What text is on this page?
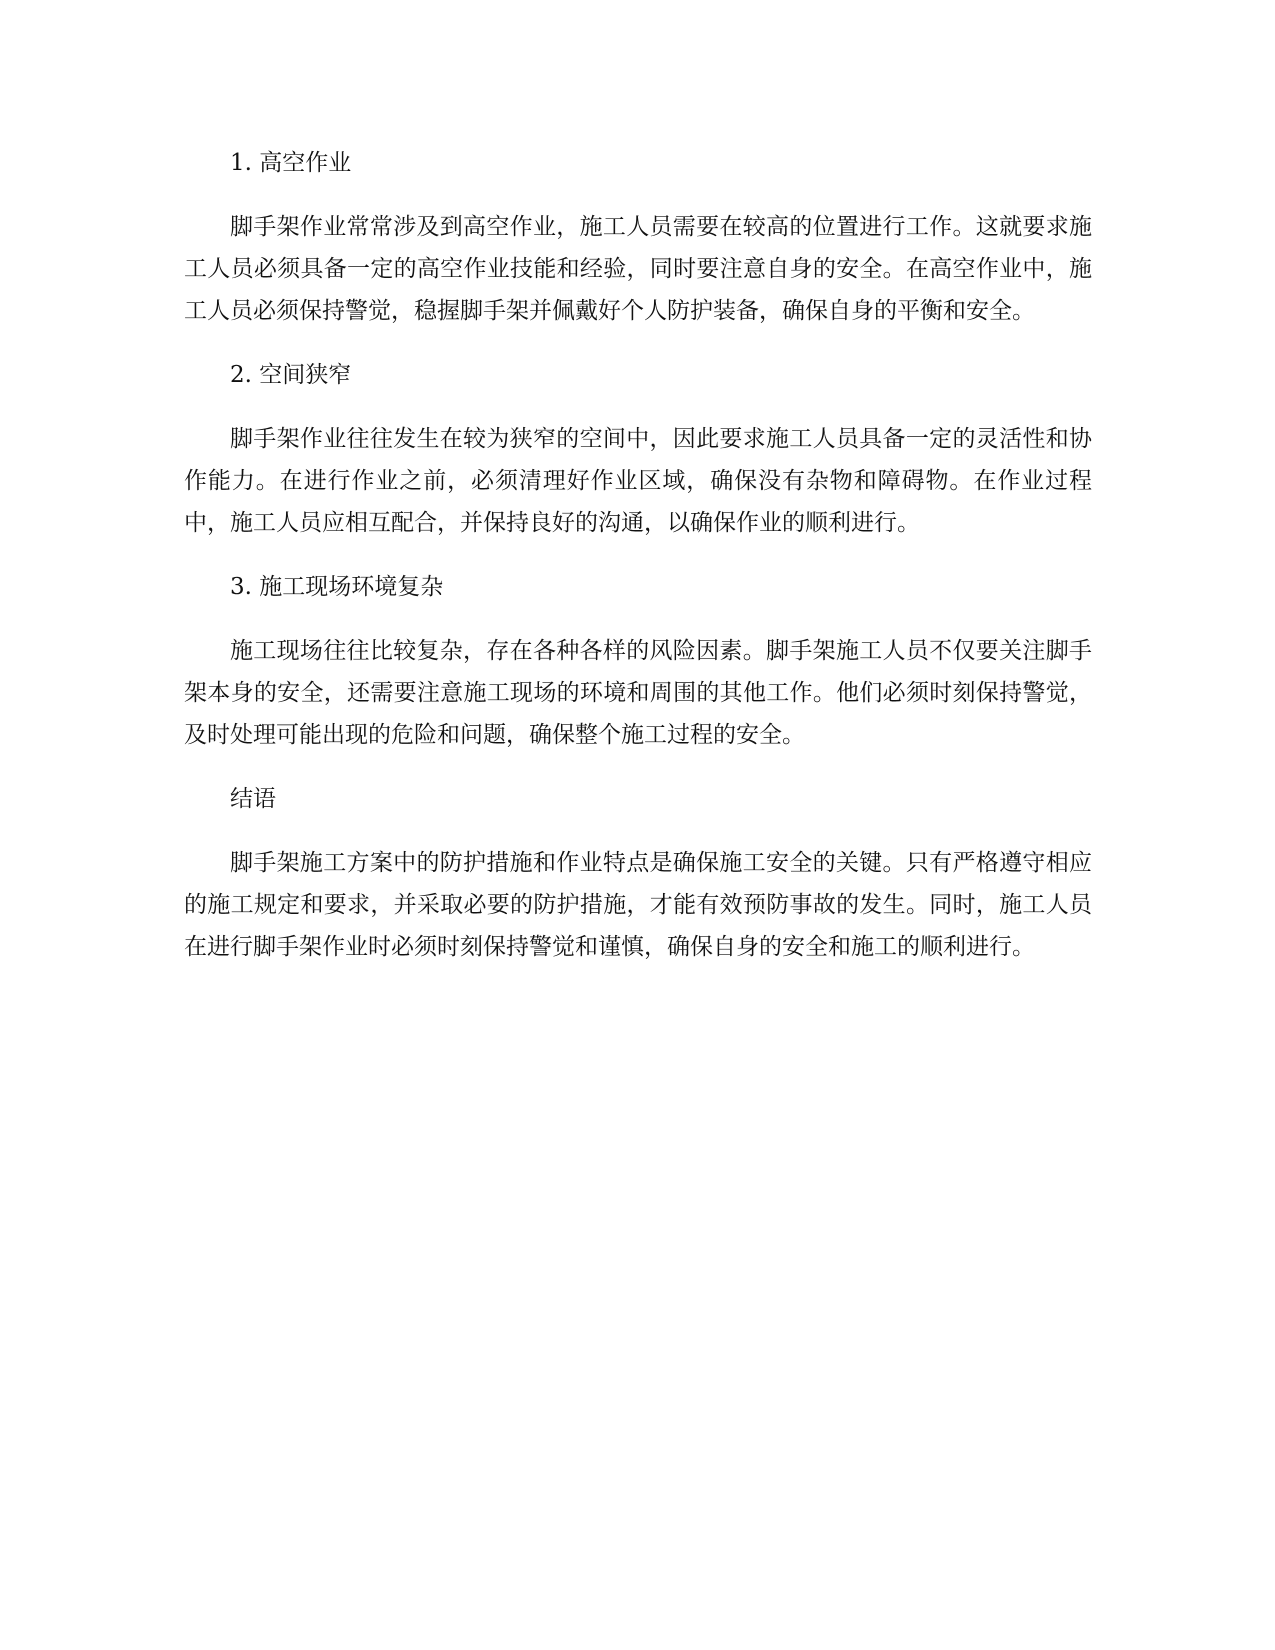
1. 高空作业
脚手架作业常常涉及到高空作业，施工人员需要在较高的位置进行工作。这就要求施工人员必须具备一定的高空作业技能和经验，同时要注意自身的安全。在高空作业中，施工人员必须保持警觉，稳握脚手架并佩戴好个人防护装备，确保自身的平衡和安全。
2. 空间狭窄
脚手架作业往往发生在较为狭窄的空间中，因此要求施工人员具备一定的灵活性和协作能力。在进行作业之前，必须清理好作业区域，确保没有杂物和障碍物。在作业过程中，施工人员应相互配合，并保持良好的沟通，以确保作业的顺利进行。
3. 施工现场环境复杂
施工现场往往比较复杂，存在各种各样的风险因素。脚手架施工人员不仅要关注脚手架本身的安全，还需要注意施工现场的环境和周围的其他工作。他们必须时刻保持警觉，及时处理可能出现的危险和问题，确保整个施工过程的安全。
结语
脚手架施工方案中的防护措施和作业特点是确保施工安全的关键。只有严格遵守相应的施工规定和要求，并采取必要的防护措施，才能有效预防事故的发生。同时，施工人员在进行脚手架作业时必须时刻保持警觉和谨慎，确保自身的安全和施工的顺利进行。
